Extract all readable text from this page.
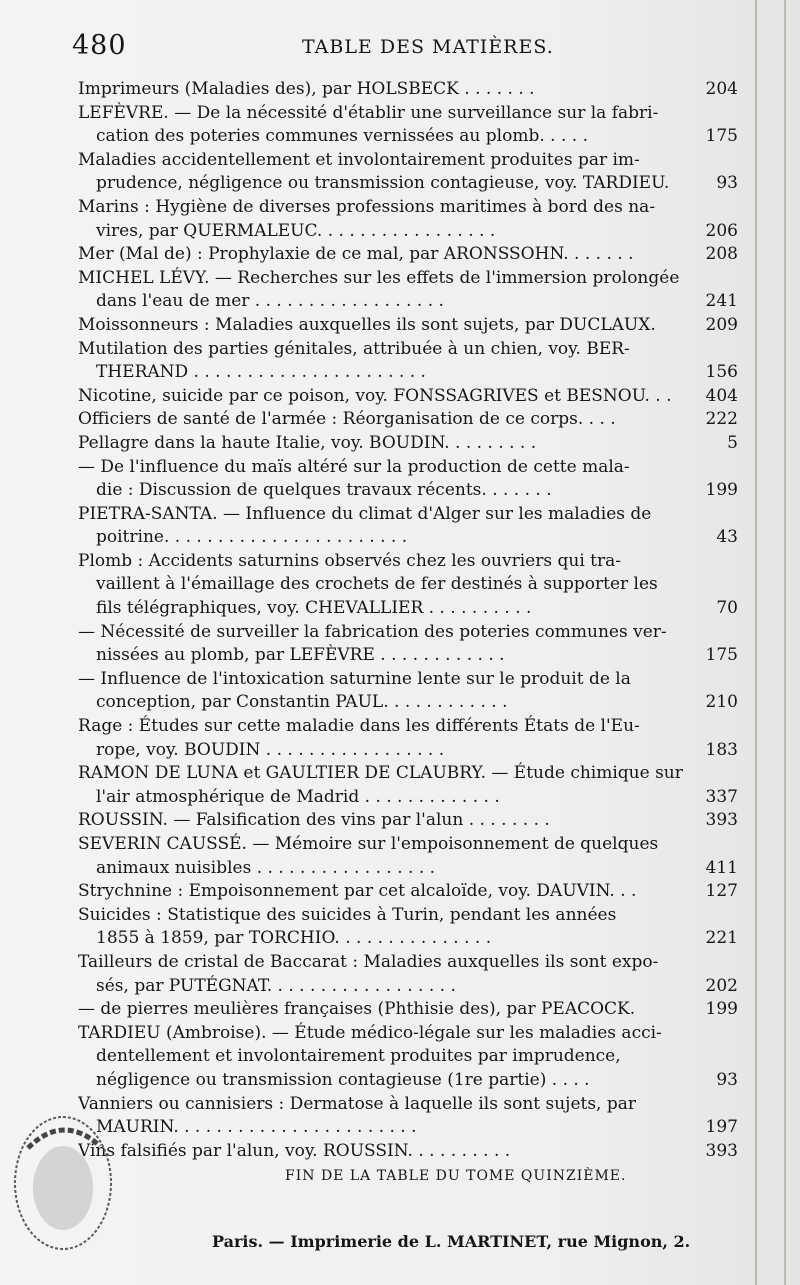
480	TABLE DES MATIÈRES.
Imprimeurs (Maladies des), par HOLSBECK . . . . . . .	204
LEFÈVRE. — De la nécessité d'établir une surveillance sur la fabri-
cation des poteries communes vernissées au plomb. . . . .	175
Maladies accidentellement et involontairement produites par im-
prudence, négligence ou transmission contagieuse, voy. TARDIEU.	93
Marins : Hygiène de diverses professions maritimes à bord des na-
vires, par QUERMALEUC. . . . . . . . . . . . . . . . .	206
Mer (Mal de) : Prophylaxie de ce mal, par ARONSSOHN. . . . . . .	208
MICHEL LÉVY. — Recherches sur les effets de l'immersion prolongée
dans l'eau de mer . . . . . . . . . . . . . . . . . .	241
Moissonneurs : Maladies auxquelles ils sont sujets, par DUCLAUX.	209
Mutilation des parties génitales, attribuée à un chien, voy. BER-
THERAND . . . . . . . . . . . . . . . . . . . . . .	156
Nicotine, suicide par ce poison, voy. FONSSAGRIVES et BESNOU. . .	404
Officiers de santé de l'armée : Réorganisation de ce corps. . . .	222
Pellagre dans la haute Italie, voy. BOUDIN. . . . . . . . .	5
— De l'influence du maïs altéré sur la production de cette mala-
die : Discussion de quelques travaux récents. . . . . . .	199
PIETRA-SANTA. — Influence du climat d'Alger sur les maladies de
poitrine. . . . . . . . . . . . . . . . . . . . . . .	43
Plomb : Accidents saturnins observés chez les ouvriers qui tra-
vaillent à l'émaillage des crochets de fer destinés à supporter les
fils télégraphiques, voy. CHEVALLIER . . . . . . . . . .	70
— Nécessité de surveiller la fabrication des poteries communes ver-
nissées au plomb, par LEFÈVRE . . . . . . . . . . . .	175
— Influence de l'intoxication saturnine lente sur le produit de la
conception, par Constantin PAUL. . . . . . . . . . . .	210
Rage : Études sur cette maladie dans les différents États de l'Eu-
rope, voy. BOUDIN . . . . . . . . . . . . . . . . .	183
RAMON DE LUNA et GAULTIER DE CLAUBRY. — Étude chimique sur
l'air atmosphérique de Madrid . . . . . . . . . . . . .	337
ROUSSIN. — Falsification des vins par l'alun . . . . . . . .	393
SEVERIN CAUSSÉ. — Mémoire sur l'empoisonnement de quelques
animaux nuisibles . . . . . . . . . . . . . . . . .	411
Strychnine : Empoisonnement par cet alcaloïde, voy. DAUVIN. . .	127
Suicides : Statistique des suicides à Turin, pendant les années
1855 à 1859, par TORCHIO. . . . . . . . . . . . . . .	221
Tailleurs de cristal de Baccarat : Maladies auxquelles ils sont expo-
sés, par PUTÉGNAT. . . . . . . . . . . . . . . . . .	202
— de pierres meulières françaises (Phthisie des), par PEACOCK.	199
TARDIEU (Ambroise). — Étude médico-légale sur les maladies acci-
dentellement et involontairement produites par imprudence,
négligence ou transmission contagieuse (1re partie) . . . .	93
Vanniers ou cannisiers : Dermatose à laquelle ils sont sujets, par
MAURIN. . . . . . . . . . . . . . . . . . . . . . .	197
Vins falsifiés par l'alun, voy. ROUSSIN. . . . . . . . . .	393
FIN DE LA TABLE DU TOME QUINZIÈME.
Paris. — Imprimerie de L. MARTINET, rue Mignon, 2.
